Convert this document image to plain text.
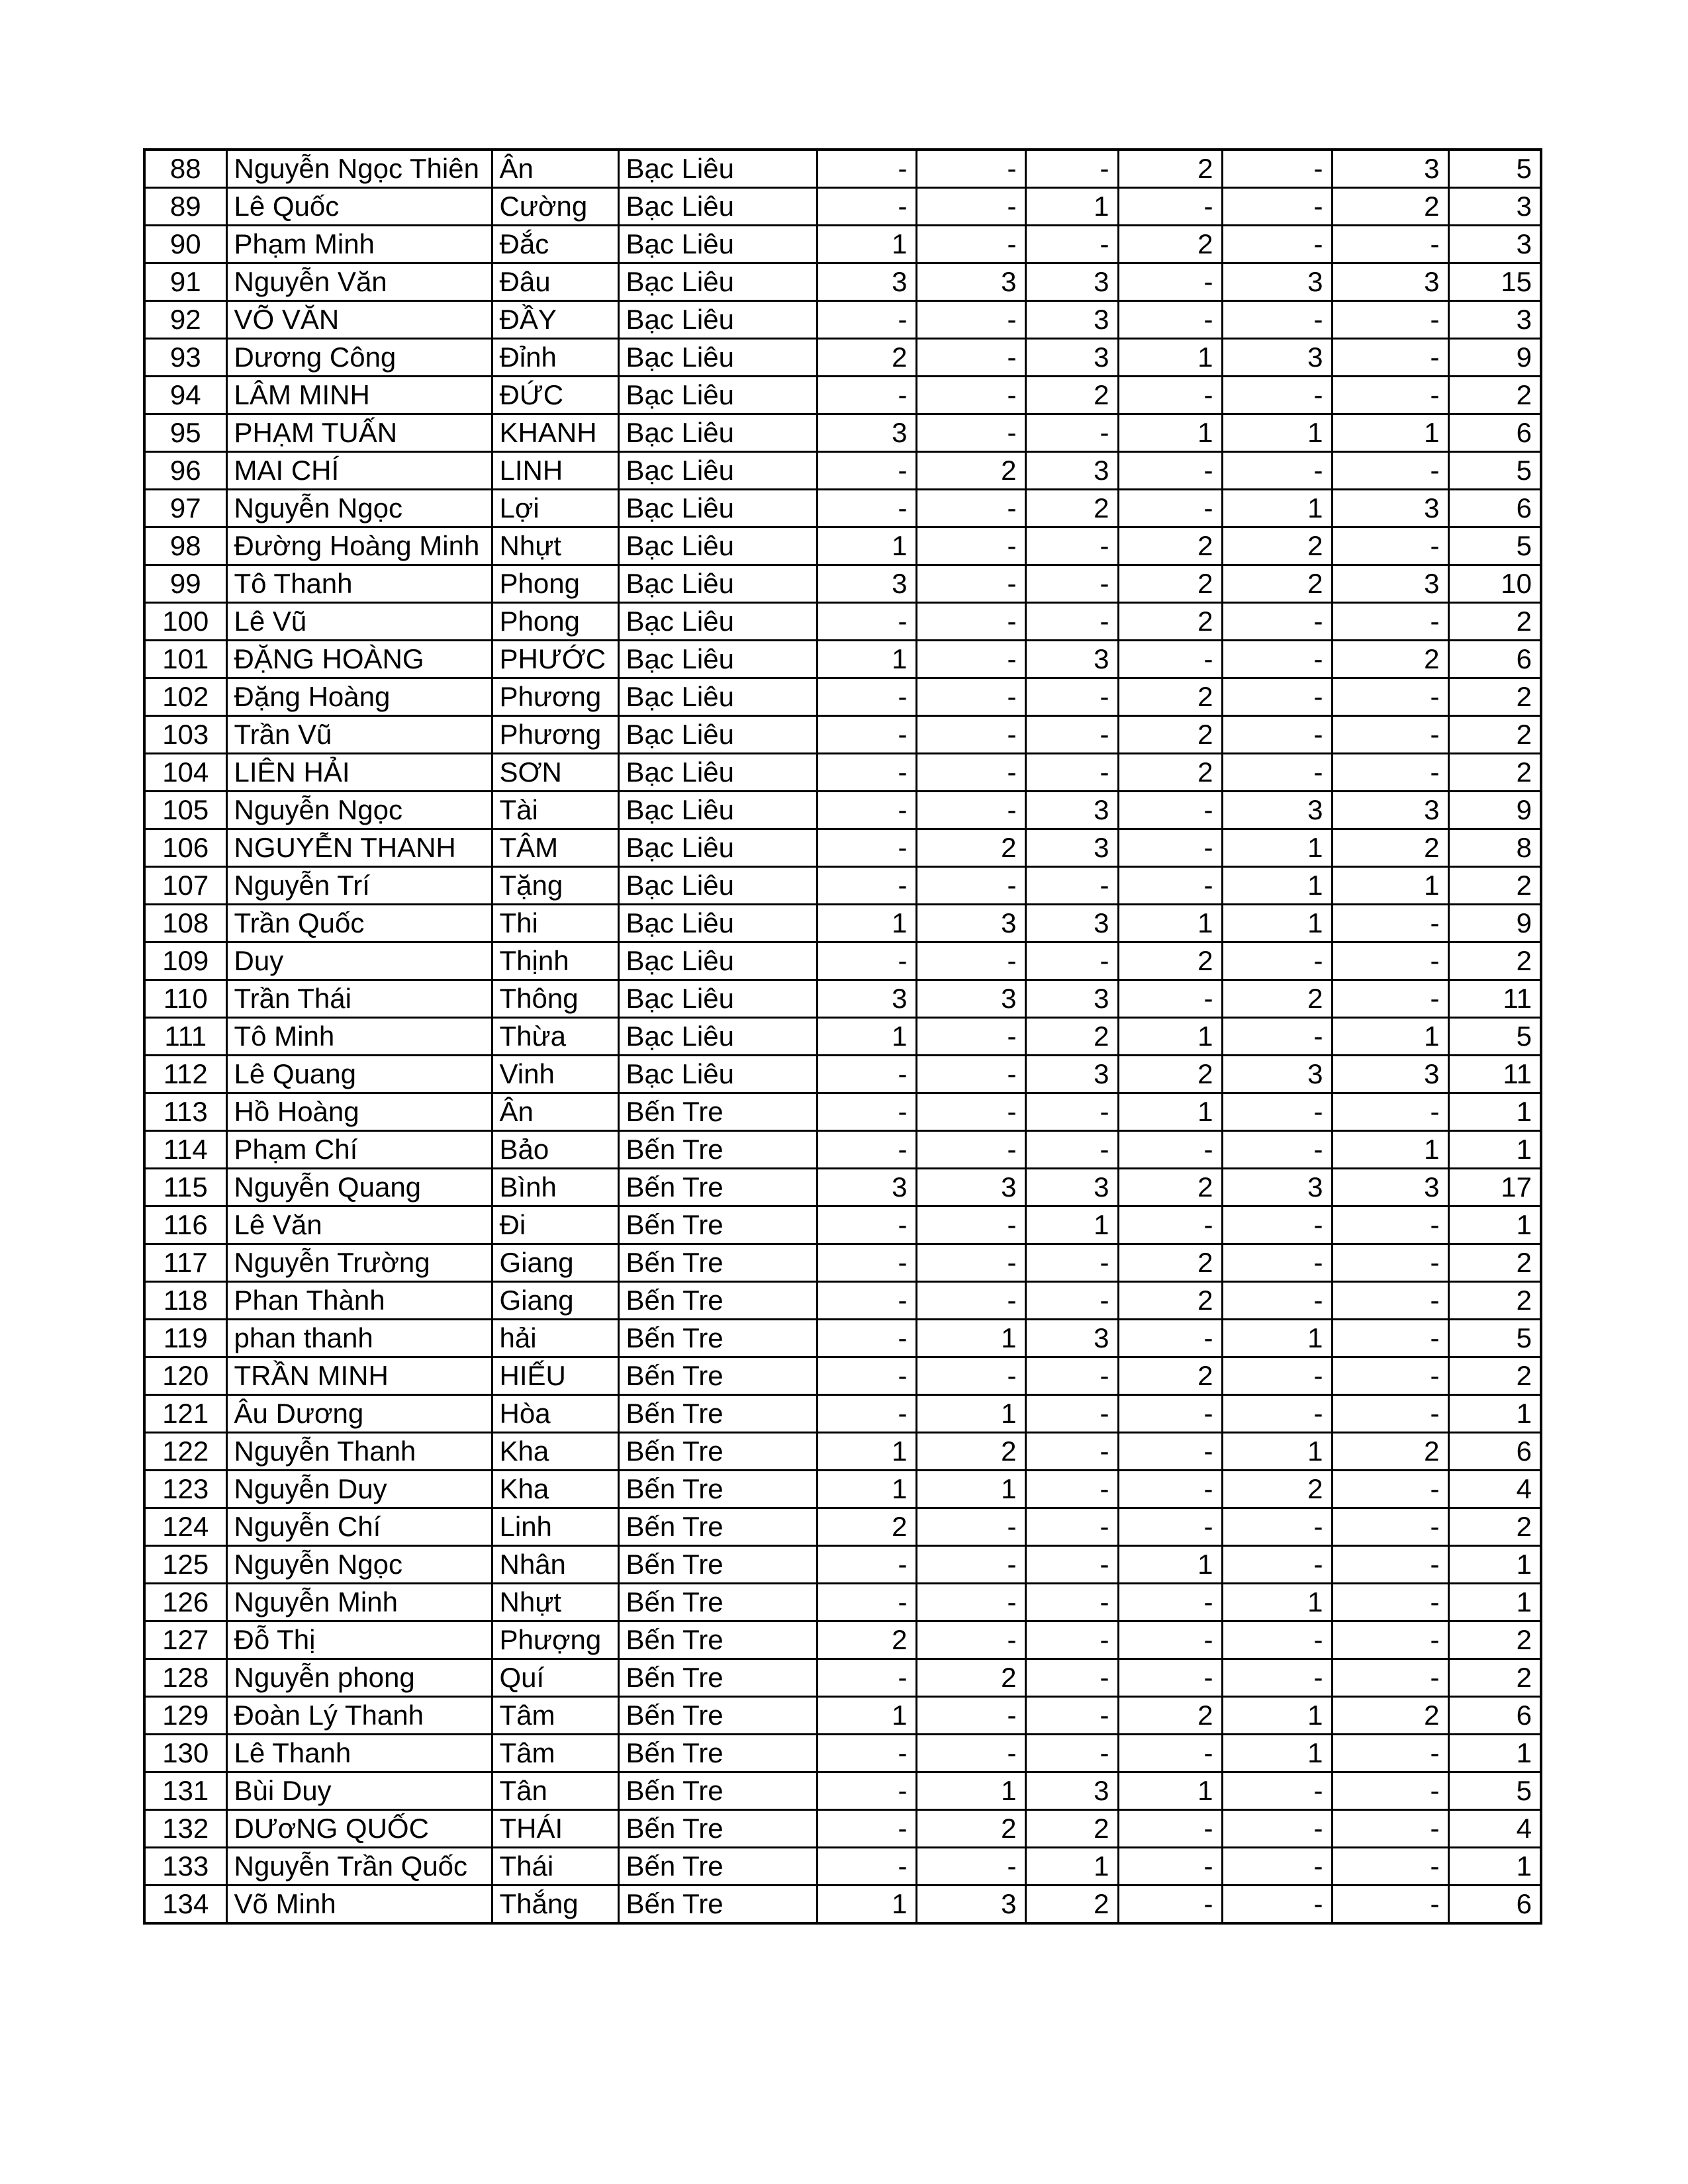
88	Nguyễn Ngọc Thiên	Ân	Bạc Liêu	-	-	-	2	-	3	5
89	Lê Quốc	Cường	Bạc Liêu	-	-	1	-	-	2	3
90	Phạm Minh	Đắc	Bạc Liêu	1	-	-	2	-	-	3
91	Nguyễn Văn	Đâu	Bạc Liêu	3	3	3	-	3	3	15
92	VÕ VĂN	ĐẦY	Bạc Liêu	-	-	3	-	-	-	3
93	Dương Công	Đỉnh	Bạc Liêu	2	-	3	1	3	-	9
94	LÂM MINH	ĐỨC	Bạc Liêu	-	-	2	-	-	-	2
95	PHẠM TUẤN	KHANH	Bạc Liêu	3	-	-	1	1	1	6
96	MAI CHÍ	LINH	Bạc Liêu	-	2	3	-	-	-	5
97	Nguyễn Ngọc	Lợi	Bạc Liêu	-	-	2	-	1	3	6
98	Đường Hoàng Minh	Nhựt	Bạc Liêu	1	-	-	2	2	-	5
99	Tô Thanh	Phong	Bạc Liêu	3	-	-	2	2	3	10
100	Lê Vũ	Phong	Bạc Liêu	-	-	-	2	-	-	2
101	ĐẶNG HOÀNG	PHƯỚC	Bạc Liêu	1	-	3	-	-	2	6
102	Đặng Hoàng	Phương	Bạc Liêu	-	-	-	2	-	-	2
103	Trần Vũ	Phương	Bạc Liêu	-	-	-	2	-	-	2
104	LIÊN HẢI	SƠN	Bạc Liêu	-	-	-	2	-	-	2
105	Nguyễn Ngọc	Tài	Bạc Liêu	-	-	3	-	3	3	9
106	NGUYỄN THANH	TÂM	Bạc Liêu	-	2	3	-	1	2	8
107	Nguyễn Trí	Tặng	Bạc Liêu	-	-	-	-	1	1	2
108	Trần Quốc	Thi	Bạc Liêu	1	3	3	1	1	-	9
109	Duy	Thịnh	Bạc Liêu	-	-	-	2	-	-	2
110	Trần Thái	Thông	Bạc Liêu	3	3	3	-	2	-	11
111	Tô Minh	Thừa	Bạc Liêu	1	-	2	1	-	1	5
112	Lê Quang	Vinh	Bạc Liêu	-	-	3	2	3	3	11
113	Hồ Hoàng	Ân	Bến Tre	-	-	-	1	-	-	1
114	Phạm Chí	Bảo	Bến Tre	-	-	-	-	-	1	1
115	Nguyễn Quang	Bình	Bến Tre	3	3	3	2	3	3	17
116	Lê Văn	Đi	Bến Tre	-	-	1	-	-	-	1
117	Nguyễn Trường	Giang	Bến Tre	-	-	-	2	-	-	2
118	Phan Thành	Giang	Bến Tre	-	-	-	2	-	-	2
119	phan thanh	hải	Bến Tre	-	1	3	-	1	-	5
120	TRẦN MINH	HIẾU	Bến Tre	-	-	-	2	-	-	2
121	Âu Dương	Hòa	Bến Tre	-	1	-	-	-	-	1
122	Nguyễn Thanh	Kha	Bến Tre	1	2	-	-	1	2	6
123	Nguyễn Duy	Kha	Bến Tre	1	1	-	-	2	-	4
124	Nguyễn Chí	Linh	Bến Tre	2	-	-	-	-	-	2
125	Nguyễn Ngọc	Nhân	Bến Tre	-	-	-	1	-	-	1
126	Nguyễn Minh	Nhựt	Bến Tre	-	-	-	-	1	-	1
127	Đỗ Thị	Phượng	Bến Tre	2	-	-	-	-	-	2
128	Nguyễn phong	Quí	Bến Tre	-	2	-	-	-	-	2
129	Đoàn Lý Thanh	Tâm	Bến Tre	1	-	-	2	1	2	6
130	Lê Thanh	Tâm	Bến Tre	-	-	-	-	1	-	1
131	Bùi Duy	Tân	Bến Tre	-	1	3	1	-	-	5
132	DƯơNG QUỐC	THÁI	Bến Tre	-	2	2	-	-	-	4
133	Nguyễn Trần Quốc	Thái	Bến Tre	-	-	1	-	-	-	1
134	Võ Minh	Thắng	Bến Tre	1	3	2	-	-	-	6
